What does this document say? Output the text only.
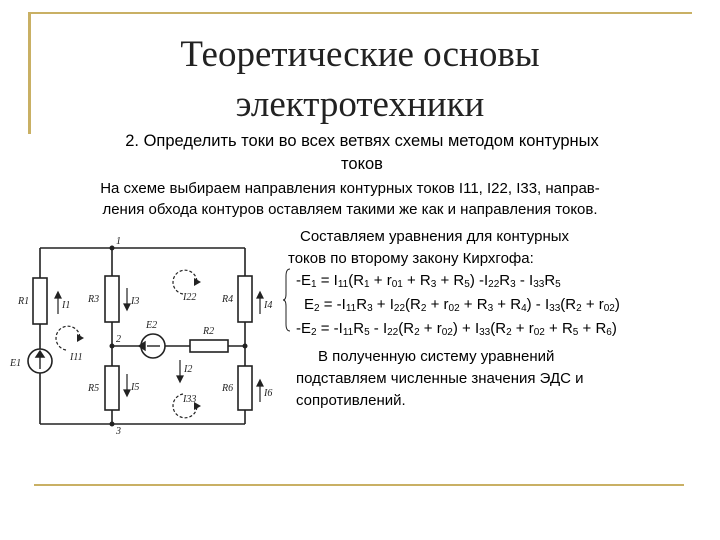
Теоретические основы
электротехники
2. Определить токи во всех ветвях схемы методом контурных
токов
На схеме выбираем направления контурных токов I11, I22, I33, направ-
ления обхода контуров оставляем такими же как и направления токов.
R1	R3	R4
R5	R6
R2
E1
E2
I1	I3	I4
I5
I6
I2
I11
I22
I33
1
2
3
Составляем уравнения для контурных
токов по второму закону Кирхгофа:
$-E_1 = I_{11}(R_1 + r_{01} + R_3 + R_5)$ $-I_{22}R_3 - I_{33}R_5$
$E_2 = -I_{11}R_3 + I_{22}(R_2 + r_{02} + R_3 + R_4) - I_{33}(R_2 + r_{02})$
$-E_2 = -I_{11}R_5 - I_{22}(R_2 + r_{02}) + I_{33}(R_2 + r_{02} + R_5 + R_6)$
В полученную систему уравнений
подставляем численные значения ЭДС и
сопротивлений.
